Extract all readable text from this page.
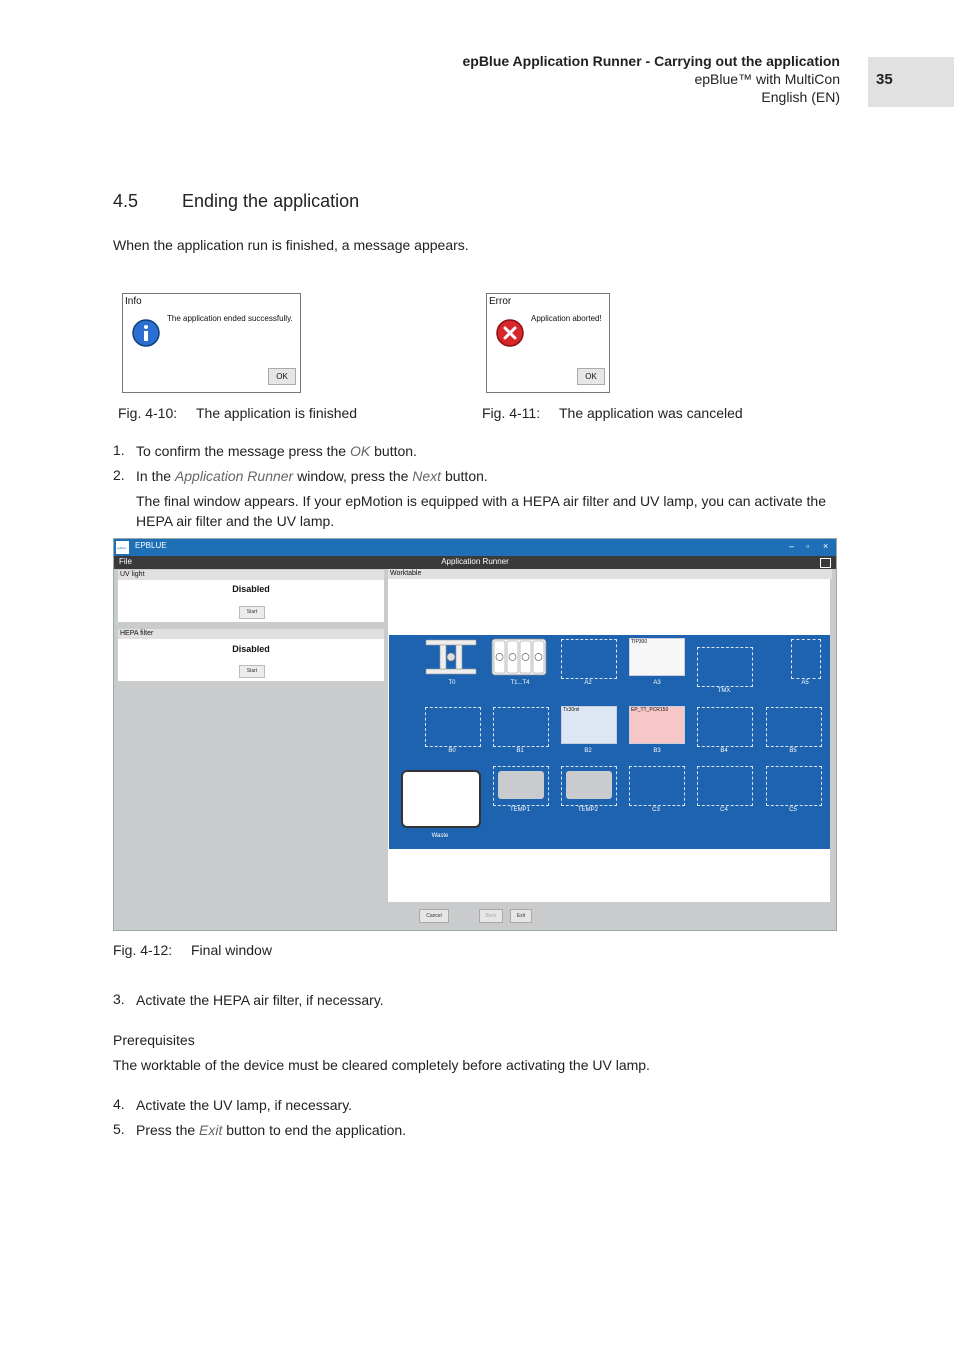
epBlue Application Runner - Carrying out the application
epBlue™ with MultiCon
English (EN)
35
4.5 Ending the application
When the application run is finished, a message appears.
Info
The application ended successfully.
OK
Error
Application aborted!
OK
Fig. 4-10: The application is finished	Fig. 4-11: The application was canceled
1. To confirm the message press the OK button.
2. In the Application Runner window, press the Next button.
The final window appears. If your epMotion is equipped with a HEPA air filter and UV lamp, you can activate the HEPA air filter and the UV lamp.
epBlue EPBLUE	– ▫ ×
Application Runner
File
UV light
Disabled
Start
HEPA filter
Disabled
Start
Worktable
T0	T1...T4	A2
TIP300
A3
TMX
A5
B0	B1
Tx30ml
B2
EP_TT_PCR150
B3	B4	B5
Waste
TEMP1	TEMP2	C3	C4	C5
Cancel	Back	Exit
Fig. 4-12: Final window
3. Activate the HEPA air filter, if necessary.
Prerequisites
The worktable of the device must be cleared completely before activating the UV lamp.
4. Activate the UV lamp, if necessary.
5. Press the Exit button to end the application.
